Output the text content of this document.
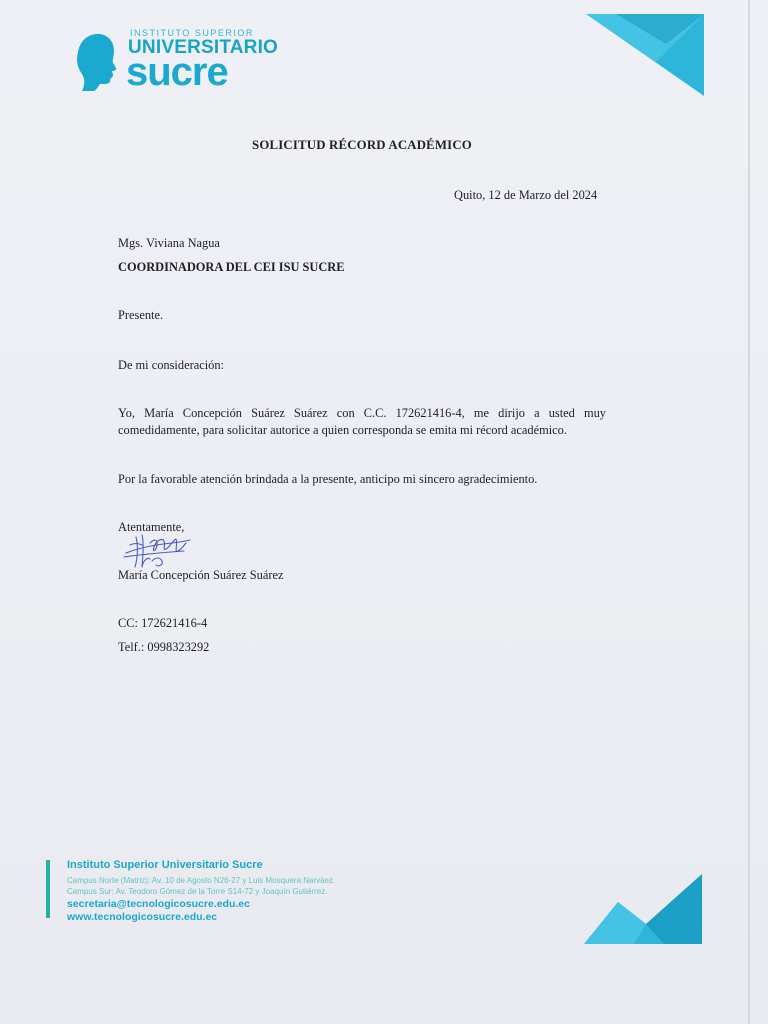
INSTITUTO SUPERIOR
UNIVERSITARIO
sucre
SOLICITUD RÉCORD ACADÉMICO
Quito, 12 de Marzo del 2024
Mgs. Viviana Nagua
COORDINADORA DEL CEI ISU SUCRE
Presente.
De mi consideración:
Yo, María Concepción Suárez Suárez con C.C. 172621416-4, me dirijo a usted muy comedidamente, para solicitar autorice a quien corresponda se emita mi récord académico.
Por la favorable atención brindada a la presente, anticipo mi sincero agradecimiento.
Atentamente,
María Concepción Suárez Suárez
CC: 172621416-4
Telf.: 0998323292
Instituto Superior Universitario Sucre
Campus Norte (Matriz): Av. 10 de Agosto N26-27 y Luis Mosquera Narváez.
Campus Sur: Av. Teodoro Gómez de la Torre S14-72 y Joaquín Gutiérrez.
secretaria@tecnologicosucre.edu.ec
www.tecnologicosucre.edu.ec
